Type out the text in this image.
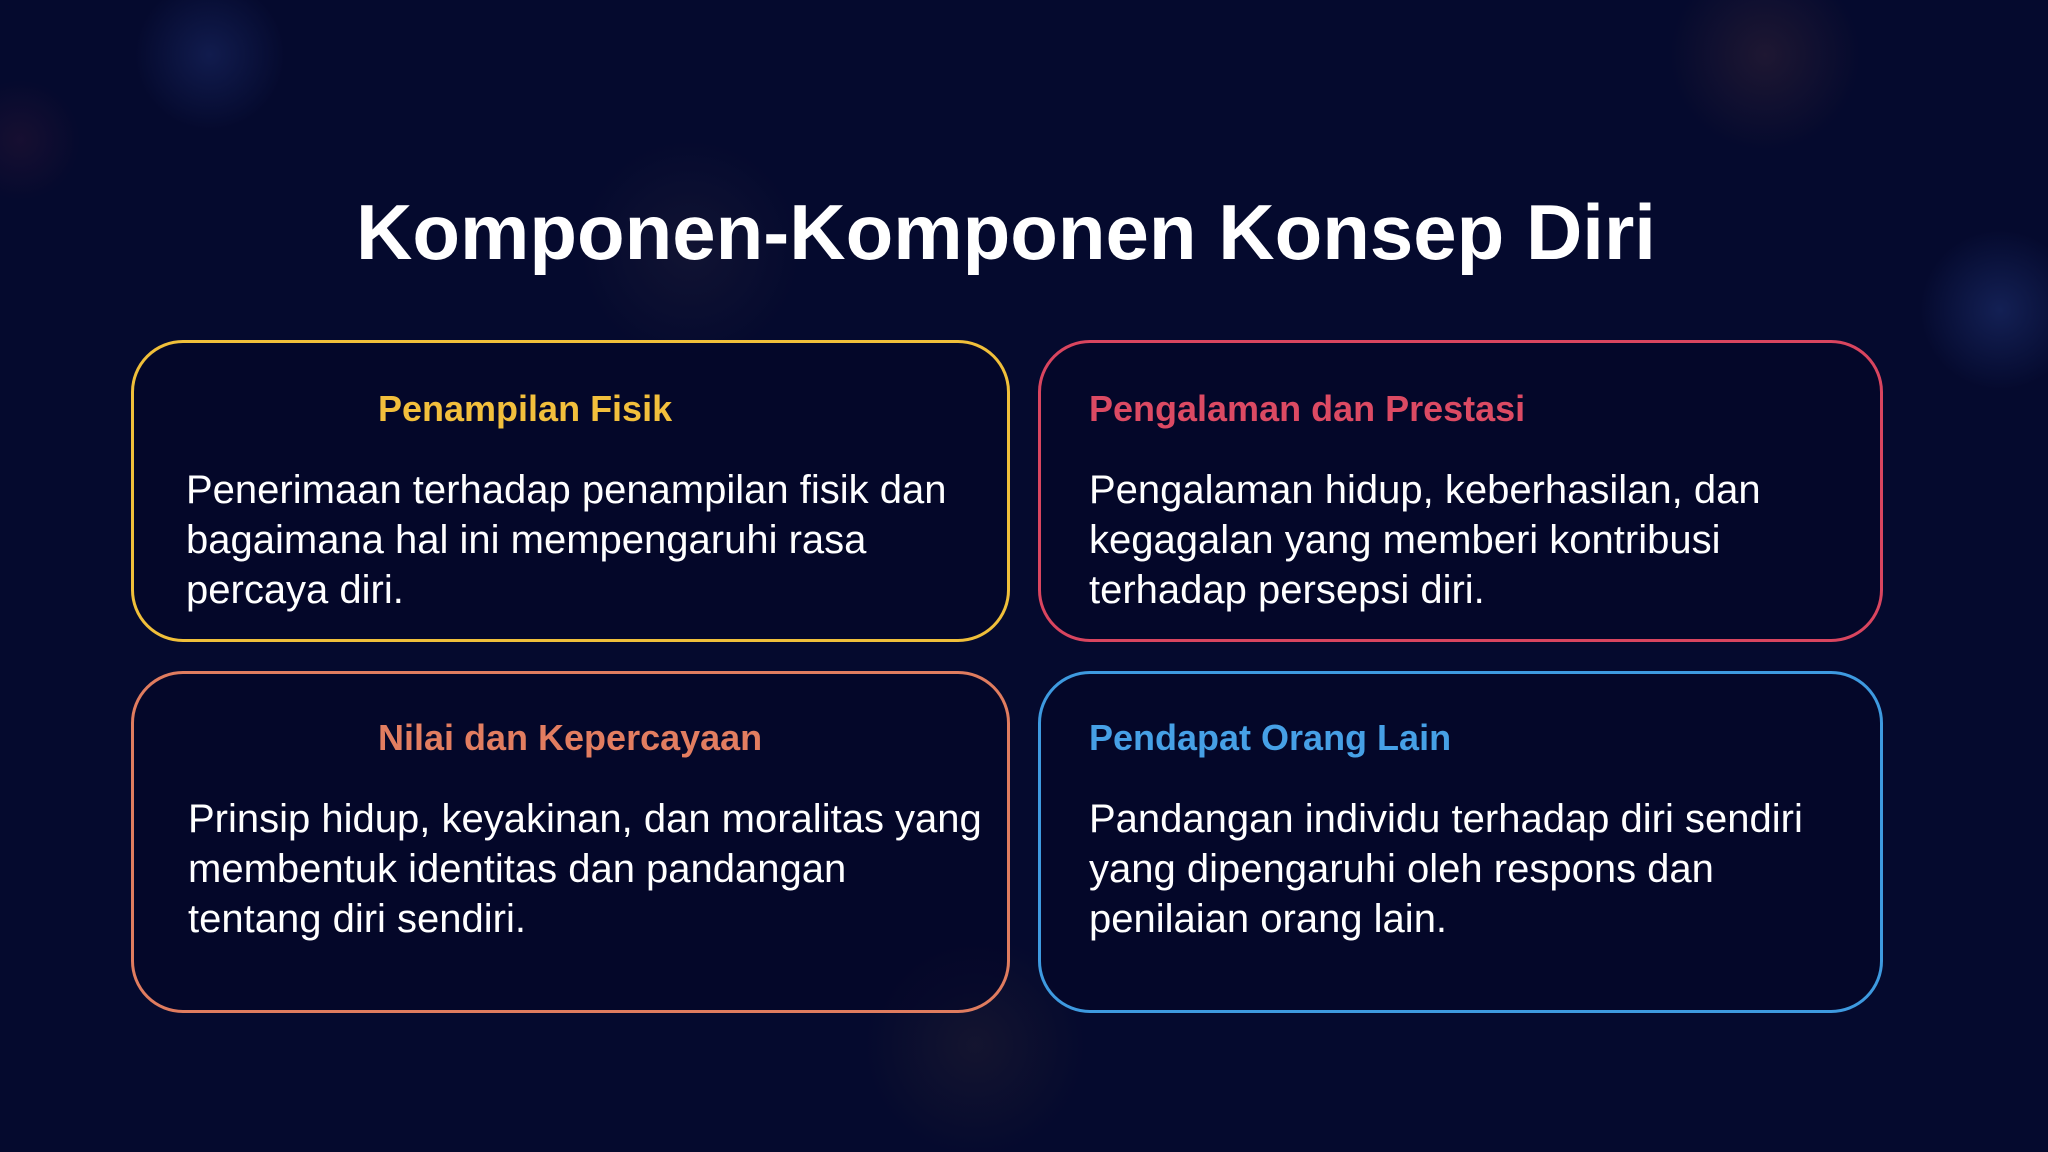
Komponen-Komponen Konsep Diri
Penampilan Fisik
Penerimaan terhadap penampilan fisik dan bagaimana hal ini mempengaruhi rasa percaya diri.
Pengalaman dan Prestasi
Pengalaman hidup, keberhasilan, dan kegagalan yang memberi kontribusi terhadap persepsi diri.
Nilai dan Kepercayaan
Prinsip hidup, keyakinan, dan moralitas yang membentuk identitas dan pandangan tentang diri sendiri.
Pendapat Orang Lain
Pandangan individu terhadap diri sendiri yang dipengaruhi oleh respons dan penilaian orang lain.
